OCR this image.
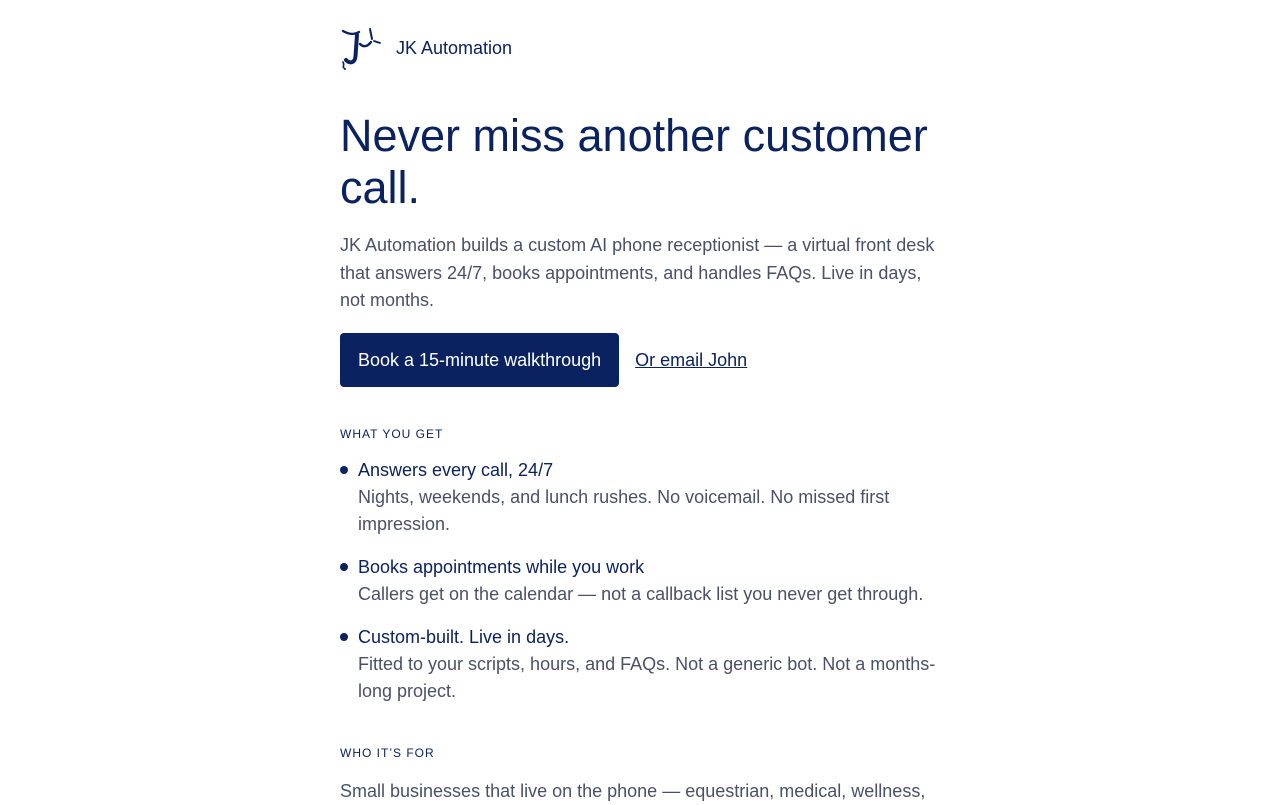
JK Automation
Never miss another customer call.

JK Automation builds a custom AI phone receptionist — a virtual front desk that answers 24/7, books appointments, and handles FAQs. Live in days, not months.

Book a 15-minute walkthrough	Or email John
WHAT YOU GET
Answers every call, 24/7
Nights, weekends, and lunch rushes. No voicemail. No missed first impression.
Books appointments while you work
Callers get on the calendar — not a callback list you never get through.
Custom-built. Live in days.
Fitted to your scripts, hours, and FAQs. Not a generic bot. Not a months-long project.
WHO IT’S FOR

Small businesses that live on the phone — equestrian, medical, wellness,
